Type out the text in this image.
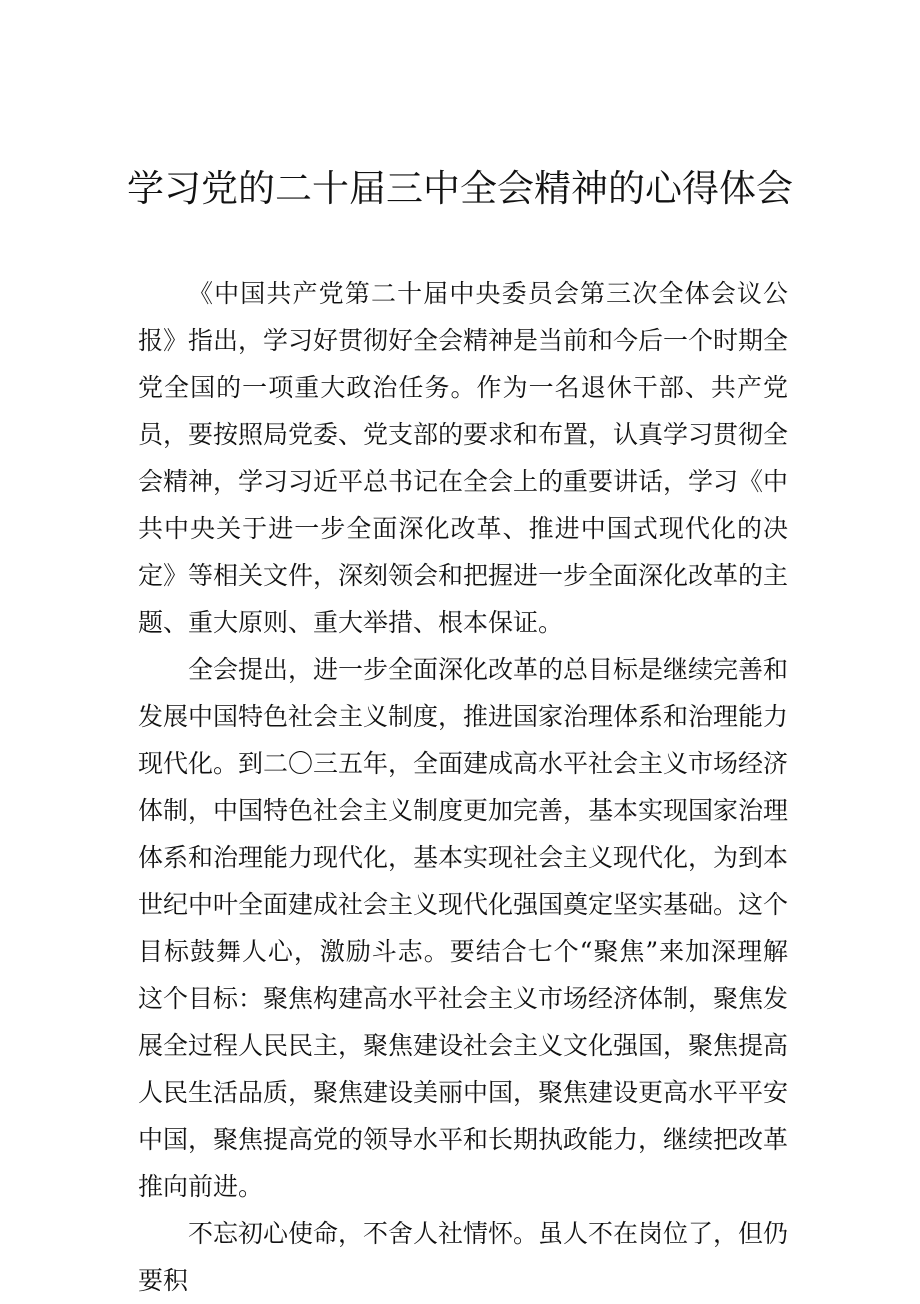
学习党的二十届三中全会精神的心得体会

《中国共产党第二十届中央委员会第三次全体会议公报》指出，学习好贯彻好全会精神是当前和今后一个时期全党全国的一项重大政治任务。作为一名退休干部、共产党员，要按照局党委、党支部的要求和布置，认真学习贯彻全会精神，学习习近平总书记在全会上的重要讲话，学习《中共中央关于进一步全面深化改革、推进中国式现代化的决定》等相关文件，深刻领会和把握进一步全面深化改革的主题、重大原则、重大举措、根本保证。

全会提出，进一步全面深化改革的总目标是继续完善和发展中国特色社会主义制度，推进国家治理体系和治理能力现代化。到二〇三五年，全面建成高水平社会主义市场经济体制，中国特色社会主义制度更加完善，基本实现国家治理体系和治理能力现代化，基本实现社会主义现代化，为到本世纪中叶全面建成社会主义现代化强国奠定坚实基础。这个目标鼓舞人心，激励斗志。要结合七个“聚焦”来加深理解这个目标：聚焦构建高水平社会主义市场经济体制，聚焦发展全过程人民民主，聚焦建设社会主义文化强国，聚焦提高人民生活品质，聚焦建设美丽中国，聚焦建设更高水平平安中国，聚焦提高党的领导水平和长期执政能力，继续把改革推向前进。

不忘初心使命，不舍人社情怀。虽人不在岗位了，但仍要积
